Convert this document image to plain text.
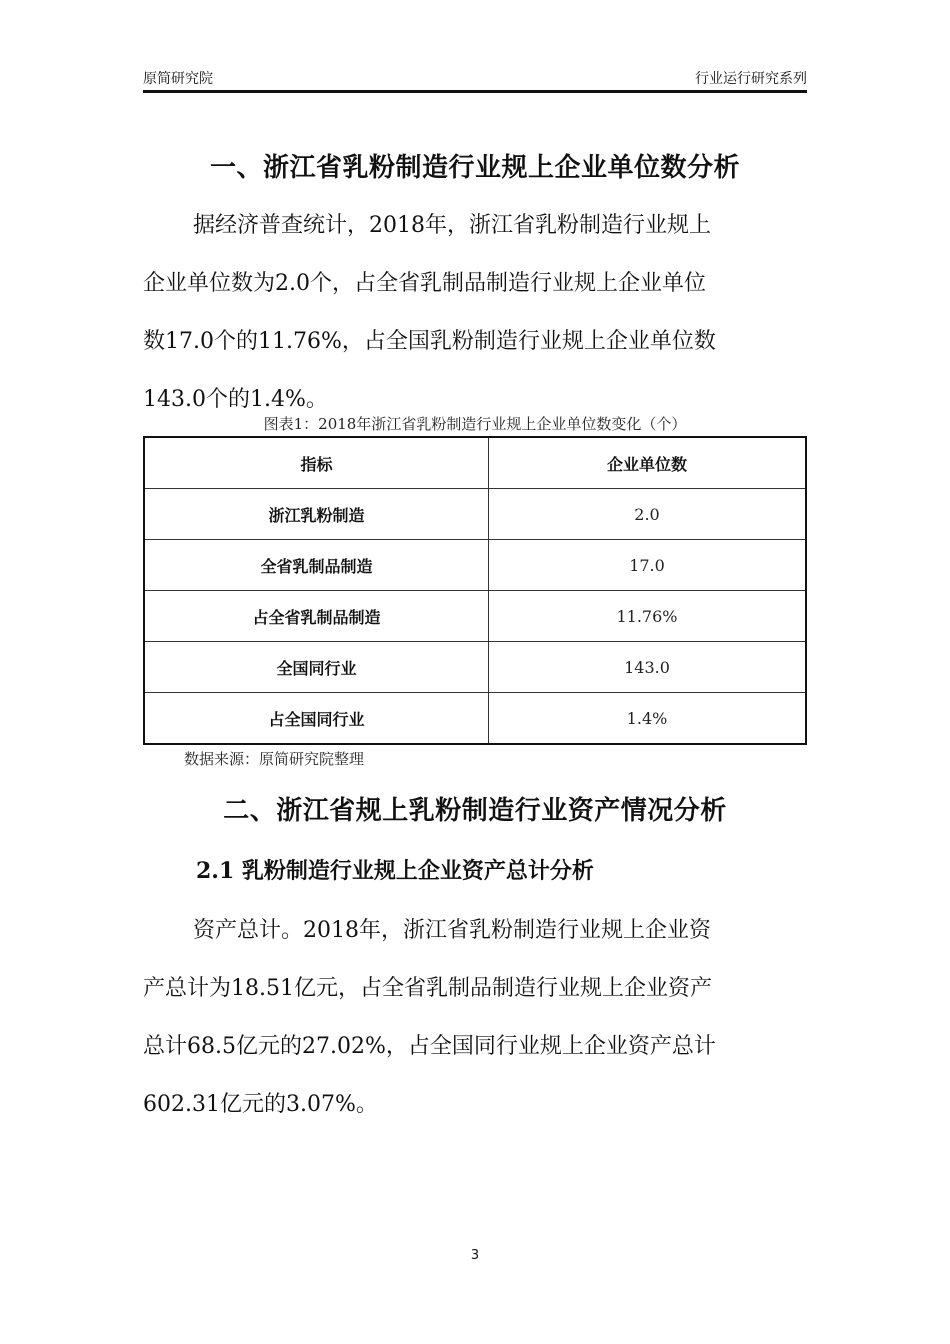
原简研究院	行业运行研究系列
一、浙江省乳粉制造行业规上企业单位数分析
据经济普查统计，2018年，浙江省乳粉制造行业规上
企业单位数为2.0个，占全省乳制品制造行业规上企业单位
数17.0个的11.76%，占全国乳粉制造行业规上企业单位数
143.0个的1.4%。
图表1：2018年浙江省乳粉制造行业规上企业单位数变化（个）
指标	企业单位数
浙江乳粉制造	2.0
全省乳制品制造	17.0
占全省乳制品制造	11.76%
全国同行业	143.0
占全国同行业	1.4%
数据来源：原简研究院整理
二、浙江省规上乳粉制造行业资产情况分析
2.1 乳粉制造行业规上企业资产总计分析
资产总计。2018年，浙江省乳粉制造行业规上企业资
产总计为18.51亿元，占全省乳制品制造行业规上企业资产
总计68.5亿元的27.02%，占全国同行业规上企业资产总计
602.31亿元的3.07%。
3
